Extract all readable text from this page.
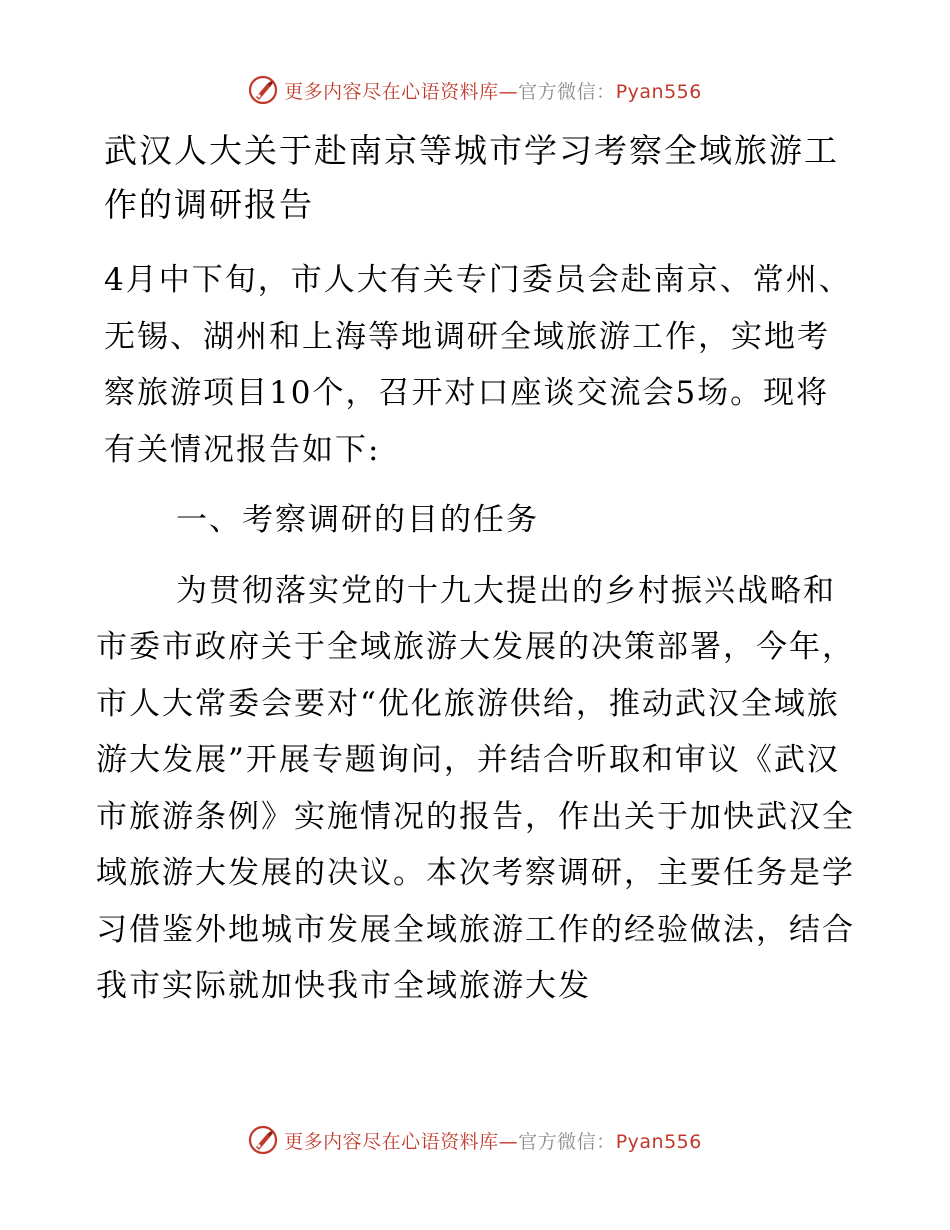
更多内容尽在心语资料库—官方微信：Pyan556
武汉人大关于赴南京等城市学习考察全域旅游工作的调研报告

4月中下旬，市人大有关专门委员会赴南京、常州、无锡、湖州和上海等地调研全域旅游工作，实地考察旅游项目10个，召开对口座谈交流会5场。现将有关情况报告如下:

一、考察调研的目的任务

为贯彻落实党的十九大提出的乡村振兴战略和市委市政府关于全域旅游大发展的决策部署，今年，市人大常委会要对“优化旅游供给，推动武汉全域旅游大发展”开展专题询问，并结合听取和审议《武汉市旅游条例》实施情况的报告，作出关于加快武汉全域旅游大发展的决议。本次考察调研，主要任务是学习借鉴外地城市发展全域旅游工作的经验做法，结合我市实际就加快我市全域旅游大发

更多内容尽在心语资料库—官方微信：Pyan556
